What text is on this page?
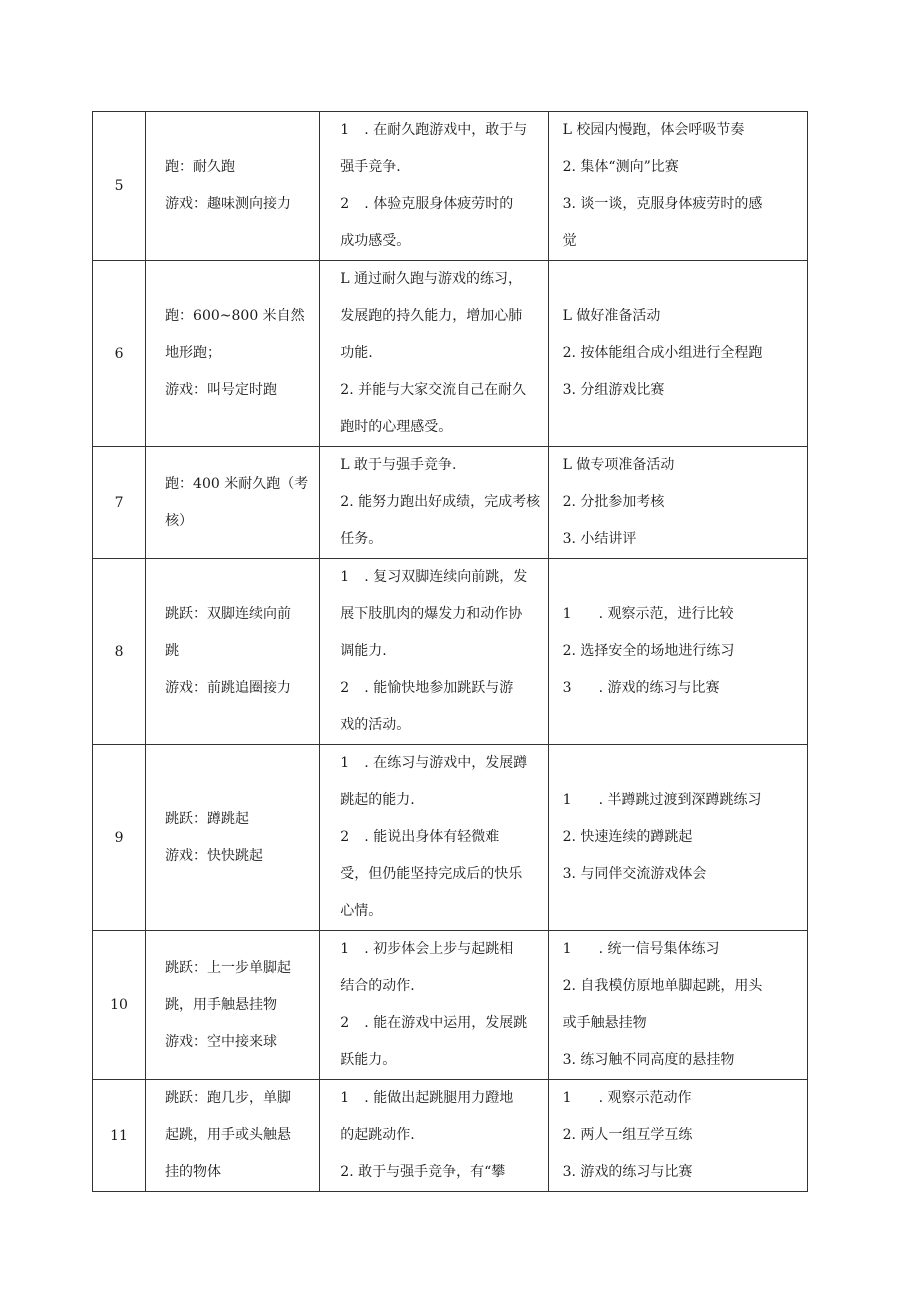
5	跑：耐久跑
游戏：趣味测向接力	1 . 在耐久跑游戏中，敢于与
强手竞争.
2 . 体验克服身体疲劳时的
成功感受。	L 校园内慢跑，体会呼吸节奏
2. 集体“测向”比赛
3. 谈一谈，克服身体疲劳时的感
觉

6	跑：600~800 米自然
地形跑；
游戏：叫号定时跑	L 通过耐久跑与游戏的练习，
发展跑的持久能力，增加心肺
功能.
2. 并能与大家交流自己在耐久
跑时的心理感受。	L 做好准备活动
2. 按体能组合成小组进行全程跑
3. 分组游戏比赛

7	跑：400 米耐久跑（考
核）	L 敢于与强手竞争.
2. 能努力跑出好成绩，完成考核
任务。	L 做专项准备活动
2. 分批参加考核
3. 小结讲评

8	跳跃：双脚连续向前
跳
游戏：前跳追圈接力	1 . 复习双脚连续向前跳，发
展下肢肌肉的爆发力和动作协
调能力.
2 . 能愉快地参加跳跃与游
戏的活动。	1 . 观察示范，进行比较
2. 选择安全的场地进行练习
3 . 游戏的练习与比赛

9	跳跃：蹲跳起
游戏：快快跳起	1 . 在练习与游戏中，发展蹲
跳起的能力.
2 . 能说出身体有轻微难
受，但仍能坚持完成后的快乐
心情。	1 . 半蹲跳过渡到深蹲跳练习
2. 快速连续的蹲跳起
3. 与同伴交流游戏体会

10	跳跃：上一步单脚起
跳，用手触悬挂物
游戏：空中接来球	1 . 初步体会上步与起跳相
结合的动作.
2 . 能在游戏中运用，发展跳
跃能力。	1 . 统一信号集体练习
2. 自我模仿原地单脚起跳，用头
或手触悬挂物
3. 练习触不同高度的悬挂物

11	跳跃：跑几步，单脚
起跳，用手或头触悬
挂的物体	1 . 能做出起跳腿用力蹬地
的起跳动作.
2. 敢于与强手竞争，有“攀	1 . 观察示范动作
2. 两人一组互学互练
3. 游戏的练习与比赛
